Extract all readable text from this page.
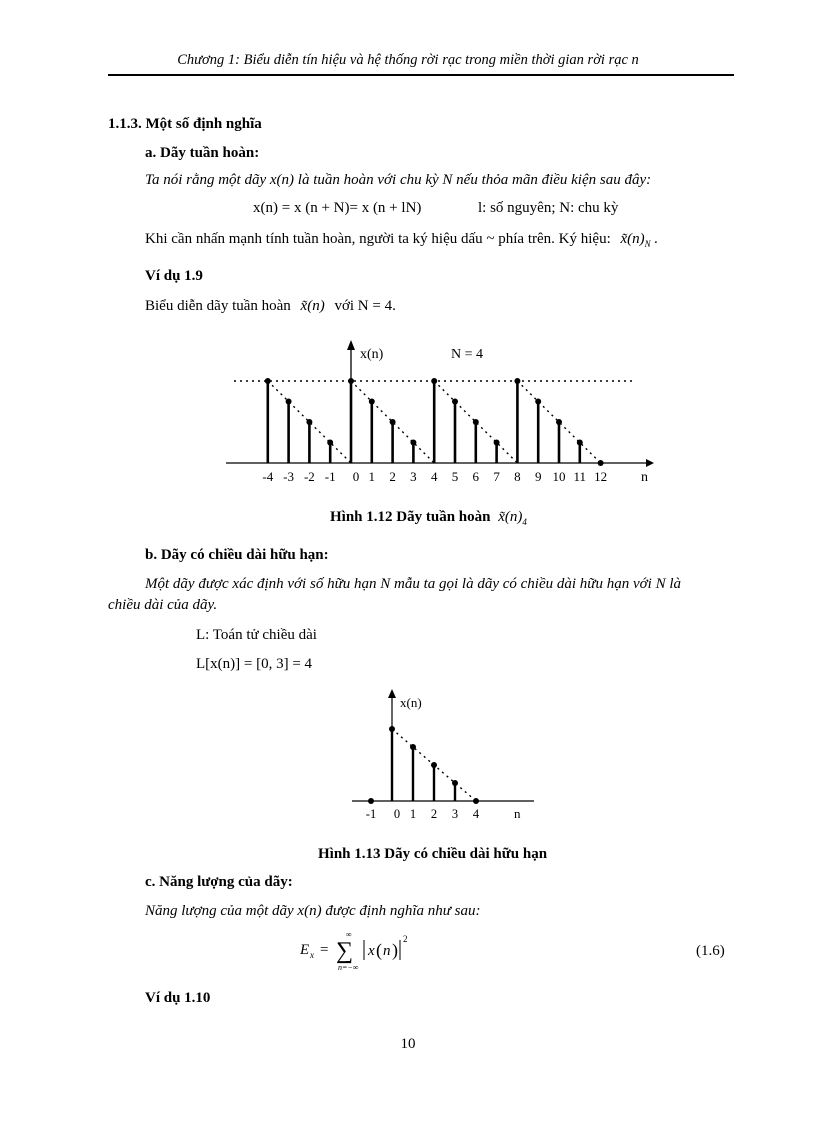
Chương 1: Biểu diễn tín hiệu và hệ thống rời rạc trong miền thời gian rời rạc n
1.1.3. Một số định nghĩa
a. Dãy tuần hoàn:
Ta nói rằng một dãy x(n) là tuần hoàn với chu kỳ N nếu thỏa mãn điều kiện sau đây:
x(n) = x (n + N)= x (n + lN)	l: số nguyên; N: chu kỳ
Khi cần nhấn mạnh tính tuần hoàn, người ta ký hiệu dấu ~ phía trên. Ký hiệu: $x̃(n)_N$ .
Ví dụ 1.9
Biểu diễn dãy tuần hoàn x̃(n) với N = 4.
-4 -3 -2 -1 0 1 2 3 4 5 6 7 8 9 10 11 12
x(n)	N = 4
n
Hình 1.12 Dãy tuần hoàn $x̃(n)_4$
b. Dãy có chiều dài hữu hạn:
Một dãy được xác định với số hữu hạn N mẫu ta gọi là dãy có chiều dài hữu hạn với N là
chiều dài của dãy.
L: Toán tử chiều dài
L[x(n)] = [0, 3] = 4
-1 0 1 2 3 4
x(n)
n
Hình 1.13 Dãy có chiều dài hữu hạn
c. Năng lượng của dãy:
Năng lượng của một dãy x(n) được định nghĩa như sau:
E x = ∑
∞
n=−∞
x ( n )
2
(1.6)
Ví dụ 1.10
10
